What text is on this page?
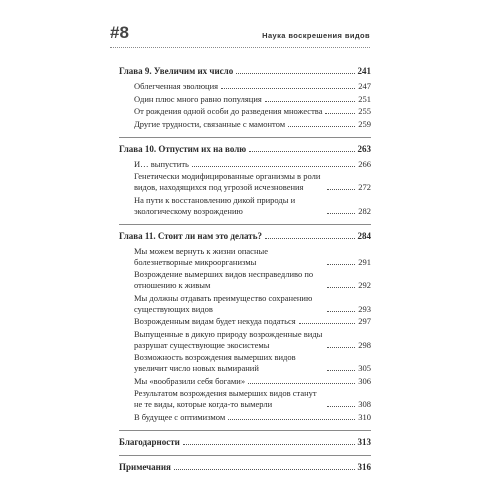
#8	Наука воскрешения видов
Глава 9. Увеличим их число	241
Облегченная эволюция	247
Один плюс много равно популяция	251
От рождения одной особи до разведения множества	255
Другие трудности, связанные с мамонтом	259
Глава 10. Отпустим их на волю	263
И… выпустить	266
Генетически модифицированные организмы в роли видов, находящихся под угрозой исчезновения	272
На пути к восстановлению дикой природы и экологическому возрождению	282
Глава 11. Стоит ли нам это делать?	284
Мы можем вернуть к жизни опасные болезнетворные микроорганизмы	291
Возрождение вымерших видов несправедливо по отношению к живым	292
Мы должны отдавать преимущество сохранению существующих видов	293
Возрожденным видам будет некуда податься	297
Выпущенные в дикую природу возрожденные виды разрушат существующие экосистемы	298
Возможность возрождения вымерших видов увеличит число новых вымираний	305
Мы «вообразили себя богами»	306
Результатом возрождения вымерших видов станут не те виды, которые когда-то вымерли	308
В будущее с оптимизмом	310
Благодарности	313
Примечания	316
